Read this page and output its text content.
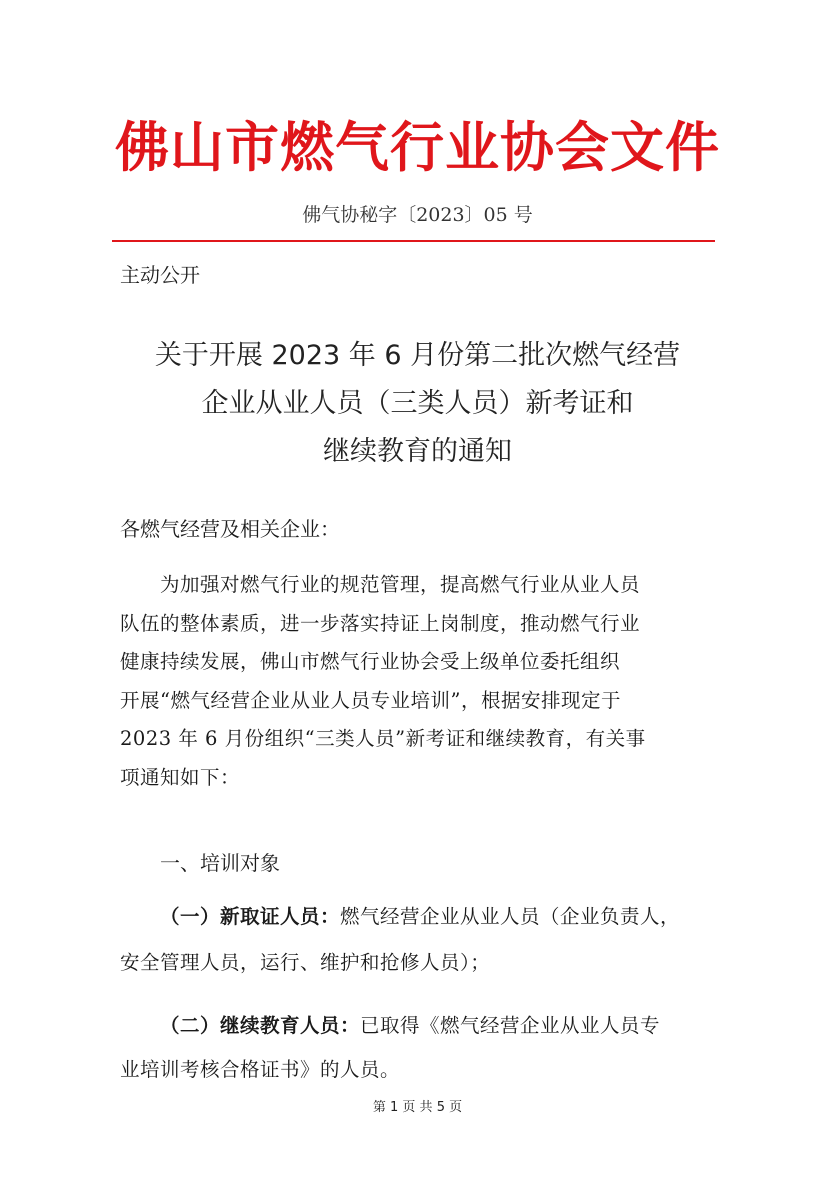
佛山市燃气行业协会文件
佛气协秘字〔2023〕05 号
主动公开
关于开展 2023 年 6 月份第二批次燃气经营
企业从业人员（三类人员）新考证和
继续教育的通知
各燃气经营及相关企业：
为加强对燃气行业的规范管理，提高燃气行业从业人员
队伍的整体素质，进一步落实持证上岗制度，推动燃气行业
健康持续发展，佛山市燃气行业协会受上级单位委托组织
开展“燃气经营企业从业人员专业培训”，根据安排现定于
2023 年 6 月份组织“三类人员”新考证和继续教育，有关事
项通知如下：
一、培训对象
（一）新取证人员：燃气经营企业从业人员（企业负责人，
安全管理人员，运行、维护和抢修人员）；
（二）继续教育人员：已取得《燃气经营企业从业人员专
业培训考核合格证书》的人员。
第 1 页 共 5 页
